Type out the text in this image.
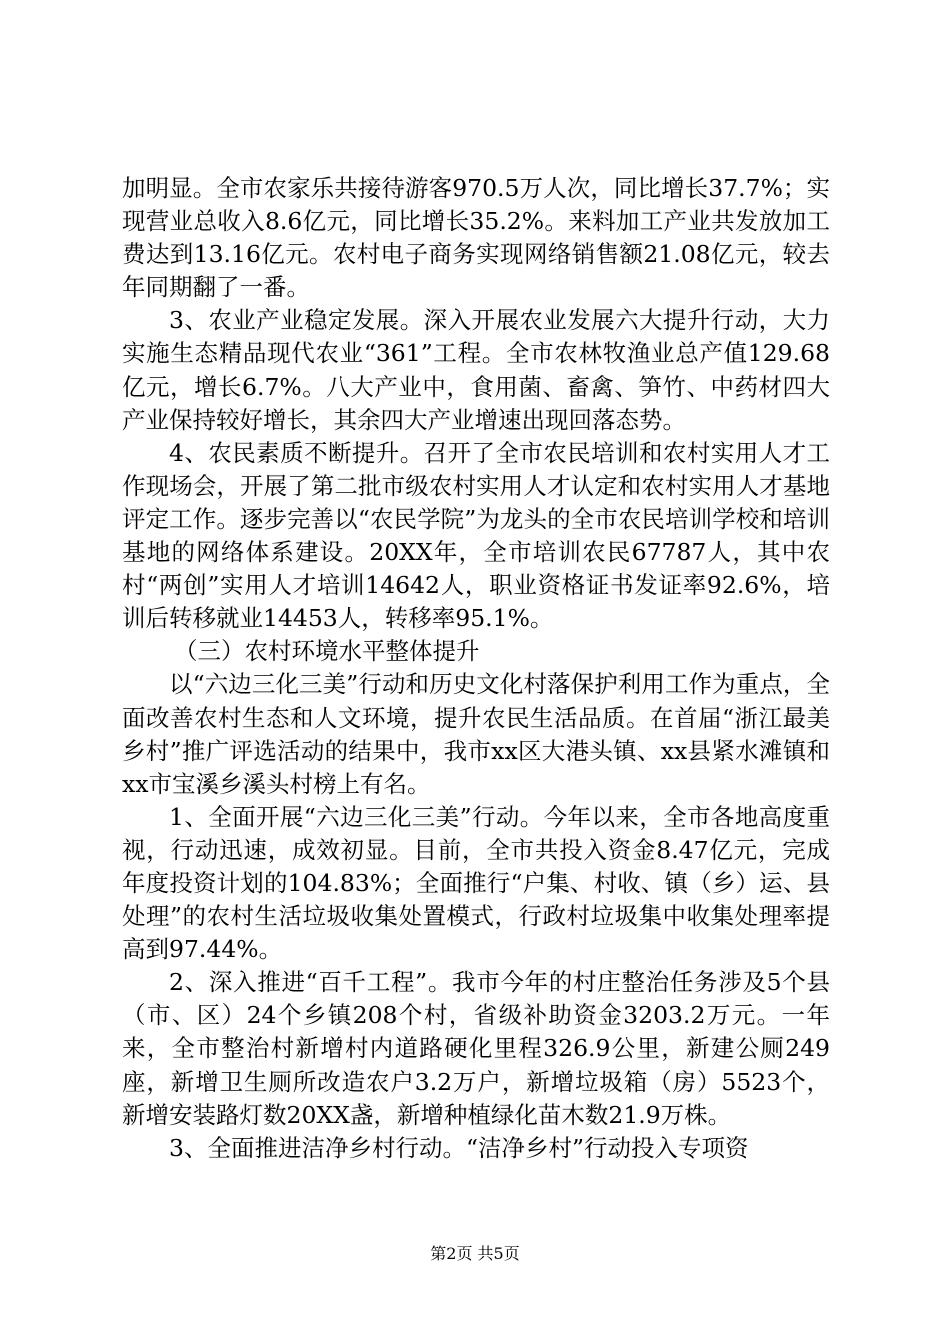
加明显。全市农家乐共接待游客970.5万人次，同比增长37.7%；实现营业总收入8.6亿元，同比增长35.2%。来料加工产业共发放加工费达到13.16亿元。农村电子商务实现网络销售额21.08亿元，较去年同期翻了一番。

3、农业产业稳定发展。深入开展农业发展六大提升行动，大力实施生态精品现代农业“361”工程。全市农林牧渔业总产值129.68亿元，增长6.7%。八大产业中，食用菌、畜禽、笋竹、中药材四大产业保持较好增长，其余四大产业增速出现回落态势。

4、农民素质不断提升。召开了全市农民培训和农村实用人才工作现场会，开展了第二批市级农村实用人才认定和农村实用人才基地评定工作。逐步完善以“农民学院”为龙头的全市农民培训学校和培训基地的网络体系建设。20XX年，全市培训农民67787人，其中农村“两创”实用人才培训14642人，职业资格证书发证率92.6%，培训后转移就业14453人，转移率95.1%。

（三）农村环境水平整体提升

以“六边三化三美”行动和历史文化村落保护利用工作为重点，全面改善农村生态和人文环境，提升农民生活品质。在首届“浙江最美乡村”推广评选活动的结果中，我市xx区大港头镇、xx县紧水滩镇和xx市宝溪乡溪头村榜上有名。

1、全面开展“六边三化三美”行动。今年以来，全市各地高度重视，行动迅速，成效初显。目前，全市共投入资金8.47亿元，完成年度投资计划的104.83%；全面推行“户集、村收、镇（乡）运、县处理”的农村生活垃圾收集处置模式，行政村垃圾集中收集处理率提高到97.44%。

2、深入推进“百千工程”。我市今年的村庄整治任务涉及5个县（市、区）24个乡镇208个村，省级补助资金3203.2万元。一年来，全市整治村新增村内道路硬化里程326.9公里，新建公厕249座，新增卫生厕所改造农户3.2万户，新增垃圾箱（房）5523个，新增安装路灯数20XX盏，新增种植绿化苗木数21.9万株。

3、全面推进洁净乡村行动。“洁净乡村”行动投入专项资

第2页 共5页
